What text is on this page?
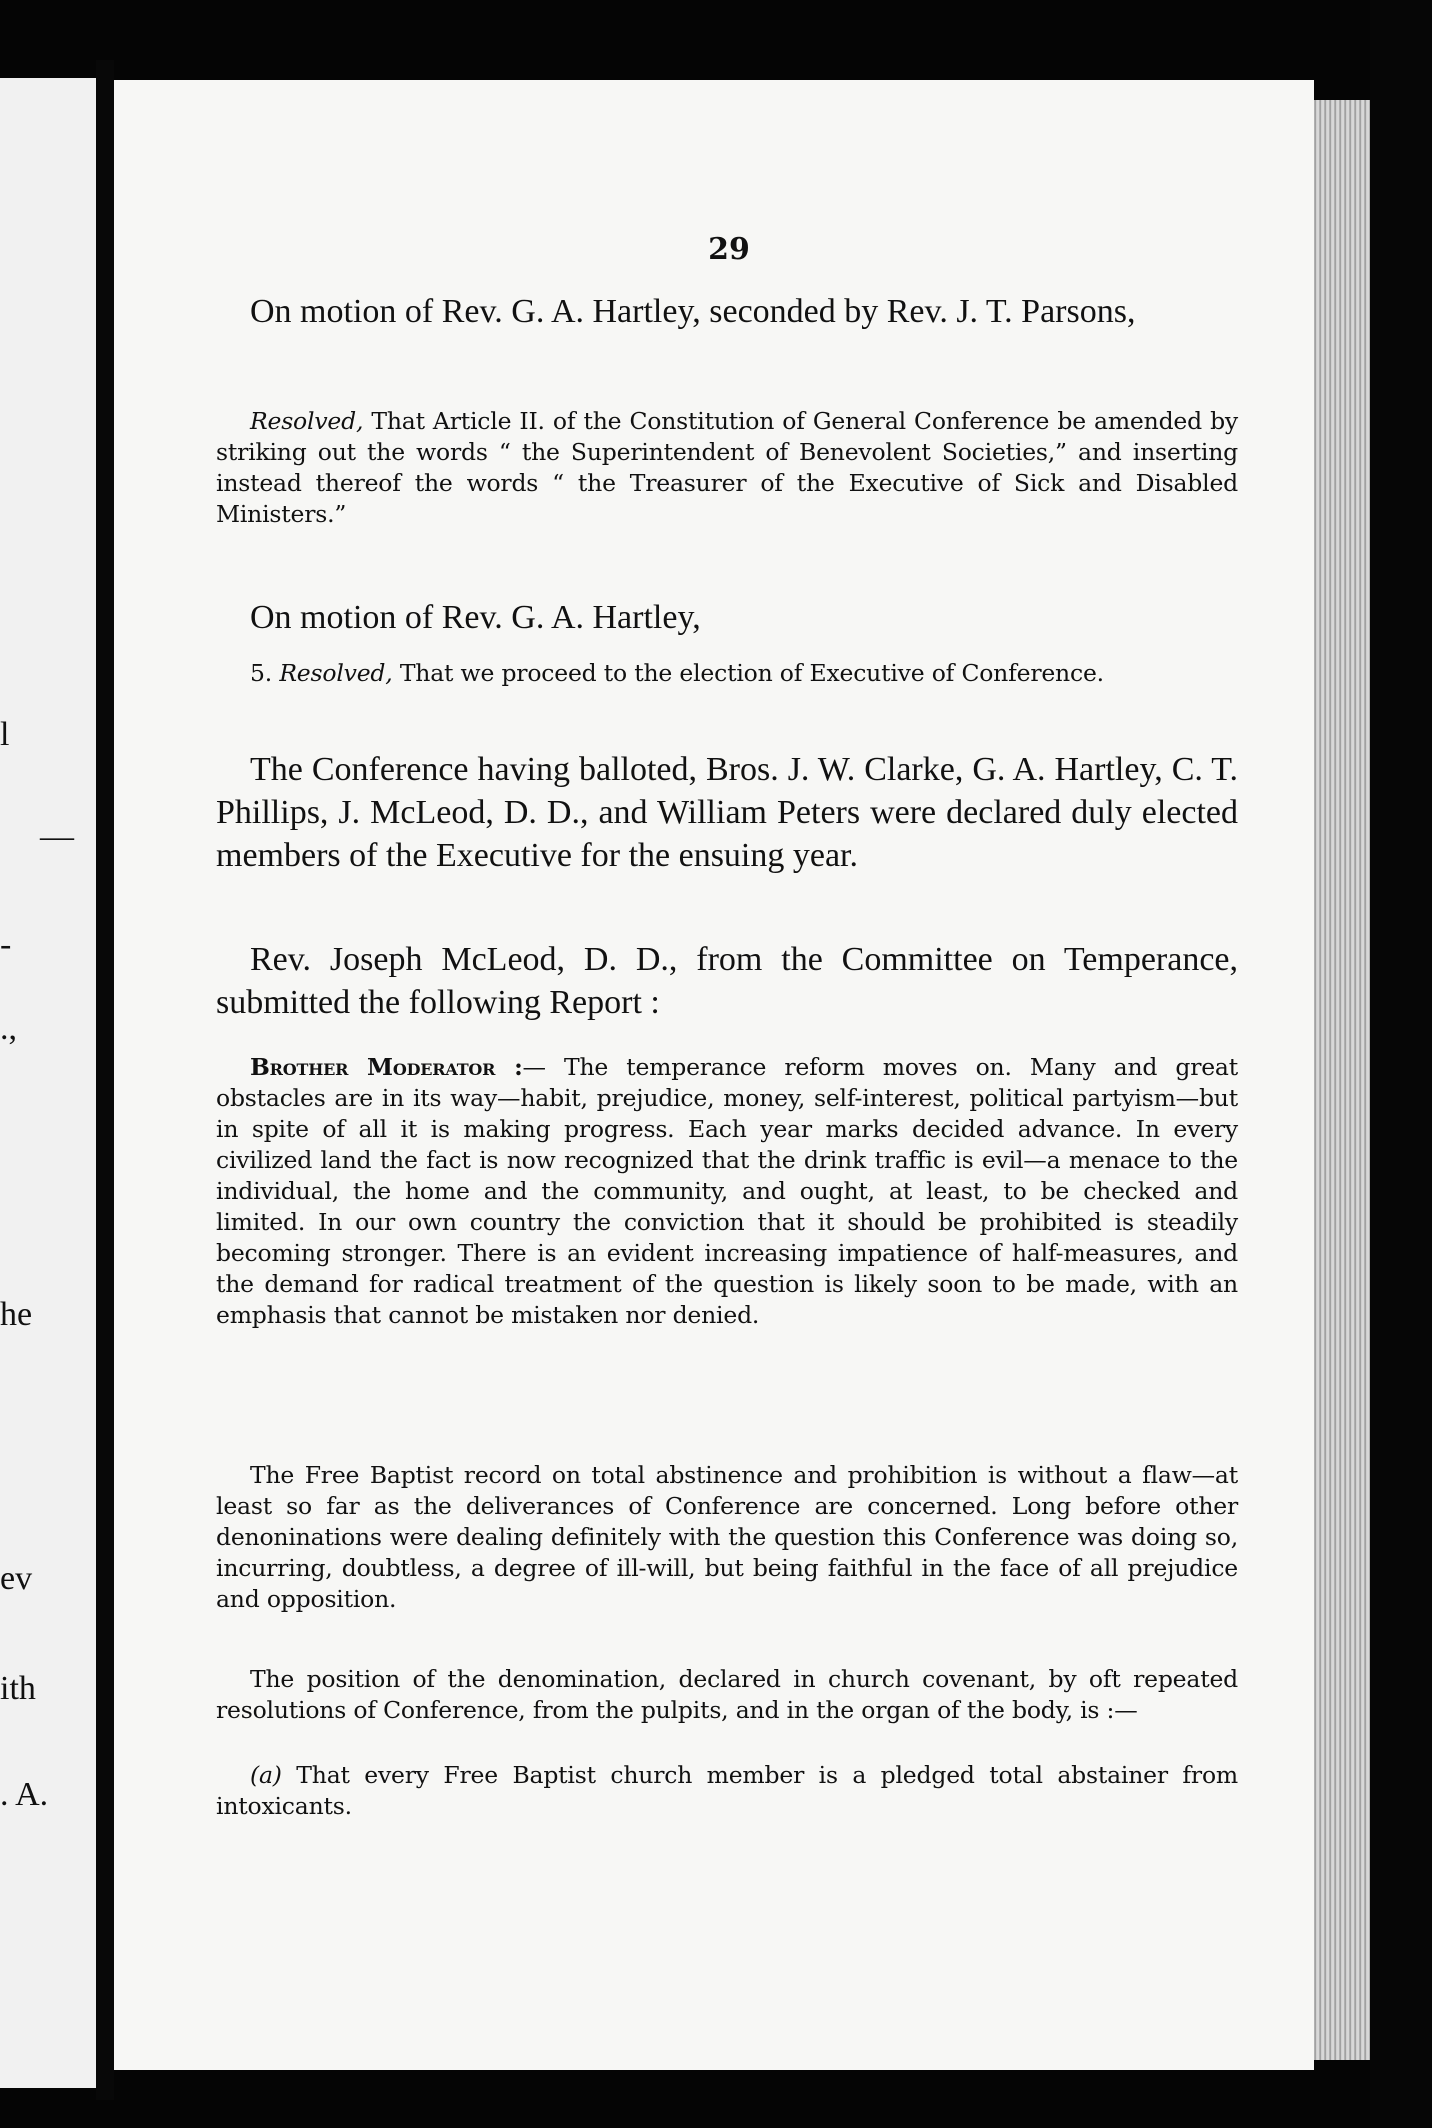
l
—
-
.,
he
ev
ith
. A.
29

On motion of Rev. G. A. Hartley, seconded by Rev. J. T. Parsons,

Resolved, That Article II. of the Constitution of General Conference be amended by striking out the words “ the Superintendent of Benevolent Societies,” and inserting instead thereof the words “ the Treasurer of the Executive of Sick and Disabled Ministers.”

On motion of Rev. G. A. Hartley,

5. Resolved, That we proceed to the election of Executive of Conference.

The Conference having balloted, Bros. J. W. Clarke, G. A. Hartley, C. T. Phillips, J. McLeod, D. D., and William Peters were declared duly elected members of the Executive for the ensuing year.

Rev. Joseph McLeod, D. D., from the Committee on Temperance, submitted the following Report :

Brother Moderator :— The temperance reform moves on. Many and great obstacles are in its way—habit, prejudice, money, self-interest, political partyism—but in spite of all it is making progress. Each year marks decided advance. In every civilized land the fact is now recognized that the drink traffic is evil—a menace to the individual, the home and the community, and ought, at least, to be checked and limited. In our own country the conviction that it should be prohibited is steadily becoming stronger. There is an evident increasing impatience of half-measures, and the demand for radical treatment of the question is likely soon to be made, with an emphasis that cannot be mistaken nor denied.

The Free Baptist record on total abstinence and prohibition is without a flaw—at least so far as the deliverances of Conference are concerned. Long before other denoninations were dealing definitely with the question this Conference was doing so, incurring, doubtless, a degree of ill-will, but being faithful in the face of all prejudice and opposition.

The position of the denomination, declared in church covenant, by oft repeated resolutions of Conference, from the pulpits, and in the organ of the body, is :—

(a) That every Free Baptist church member is a pledged total abstainer from intoxicants.
